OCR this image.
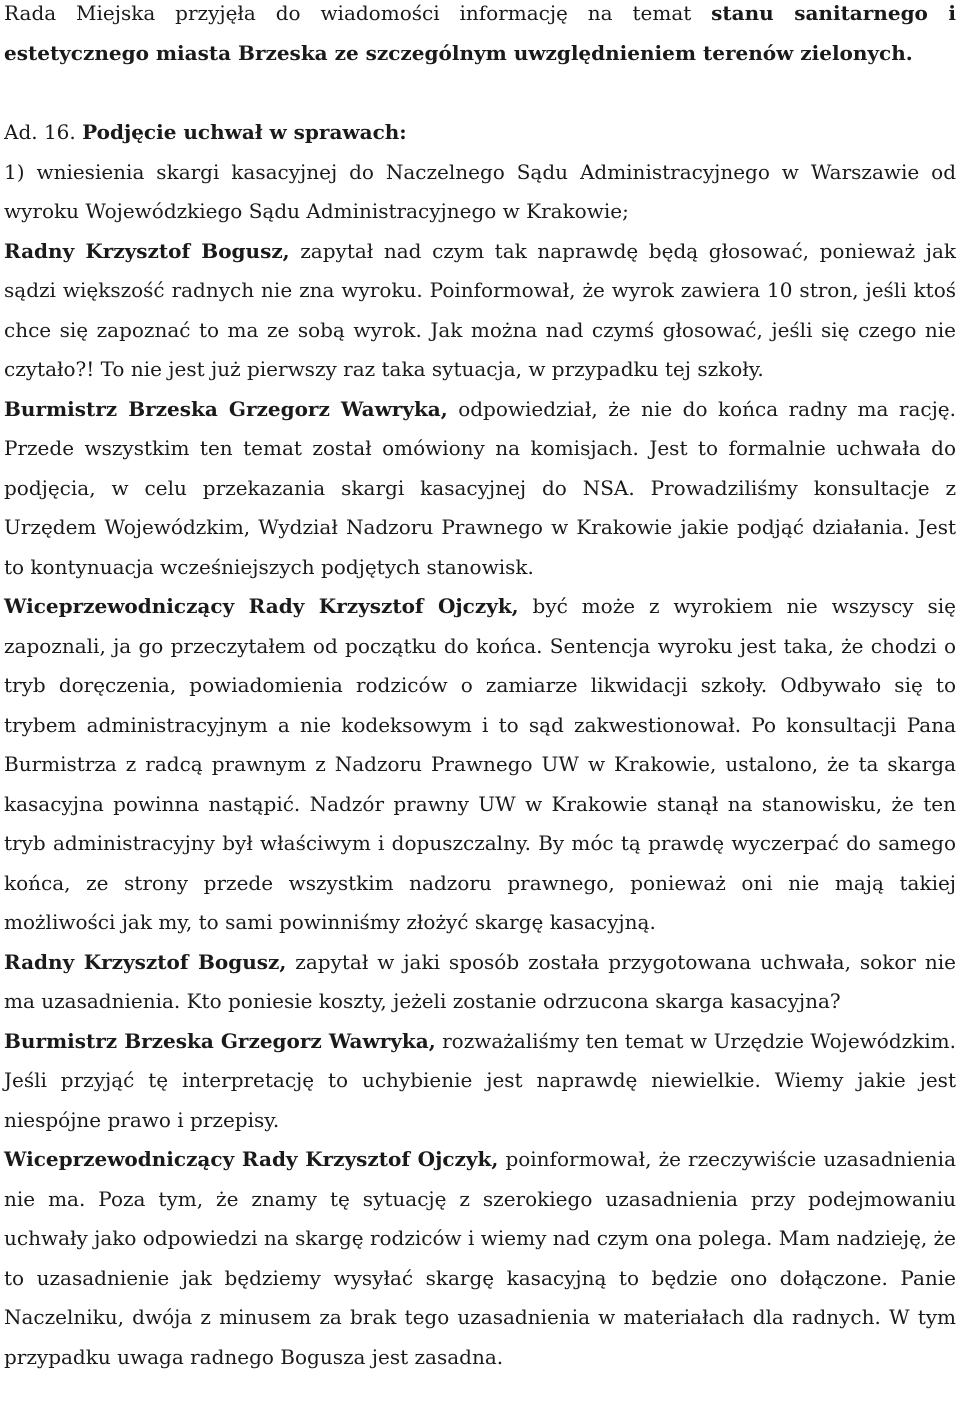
Rada Miejska przyjęła do wiadomości informację na temat stanu sanitarnego i estetycznego miasta Brzeska ze szczególnym uwzględnieniem terenów zielonych.

Ad. 16. Podjęcie uchwał w sprawach:

1) wniesienia skargi kasacyjnej do Naczelnego Sądu Administracyjnego w Warszawie od wyroku Wojewódzkiego Sądu Administracyjnego w Krakowie;

Radny Krzysztof Bogusz, zapytał nad czym tak naprawdę będą głosować, ponieważ jak sądzi większość radnych nie zna wyroku. Poinformował, że wyrok zawiera 10 stron, jeśli ktoś chce się zapoznać to ma ze sobą wyrok. Jak można nad czymś głosować, jeśli się czego nie czytało?! To nie jest już pierwszy raz taka sytuacja, w przypadku tej szkoły.

Burmistrz Brzeska Grzegorz Wawryka, odpowiedział, że nie do końca radny ma rację. Przede wszystkim ten temat został omówiony na komisjach. Jest to formalnie uchwała do podjęcia, w celu przekazania skargi kasacyjnej do NSA. Prowadziliśmy konsultacje z Urzędem Wojewódzkim, Wydział Nadzoru Prawnego w Krakowie jakie podjąć działania. Jest to kontynuacja wcześniejszych podjętych stanowisk.

Wiceprzewodniczący Rady Krzysztof Ojczyk, być może z wyrokiem nie wszyscy się zapoznali, ja go przeczytałem od początku do końca. Sentencja wyroku jest taka, że chodzi o tryb doręczenia, powiadomienia rodziców o zamiarze likwidacji szkoły. Odbywało się to trybem administracyjnym a nie kodeksowym i to sąd zakwestionował. Po konsultacji Pana Burmistrza z radcą prawnym z Nadzoru Prawnego UW w Krakowie, ustalono, że ta skarga kasacyjna powinna nastąpić. Nadzór prawny UW w Krakowie stanął na stanowisku, że ten tryb administracyjny był właściwym i dopuszczalny. By móc tą prawdę wyczerpać do samego końca, ze strony przede wszystkim nadzoru prawnego, ponieważ oni nie mają takiej możliwości jak my, to sami powinniśmy złożyć skargę kasacyjną.

Radny Krzysztof Bogusz, zapytał w jaki sposób została przygotowana uchwała, sokor nie ma uzasadnienia. Kto poniesie koszty, jeżeli zostanie odrzucona skarga kasacyjna?

Burmistrz Brzeska Grzegorz Wawryka, rozważaliśmy ten temat w Urzędzie Wojewódzkim. Jeśli przyjąć tę interpretację to uchybienie jest naprawdę niewielkie. Wiemy jakie jest niespójne prawo i przepisy.

Wiceprzewodniczący Rady Krzysztof Ojczyk, poinformował, że rzeczywiście uzasadnienia nie ma. Poza tym, że znamy tę sytuację z szerokiego uzasadnienia przy podejmowaniu uchwały jako odpowiedzi na skargę rodziców i wiemy nad czym ona polega. Mam nadzieję, że to uzasadnienie jak będziemy wysyłać skargę kasacyjną to będzie ono dołączone. Panie Naczelniku, dwója z minusem za brak tego uzasadnienia w materiałach dla radnych. W tym przypadku uwaga radnego Bogusza jest zasadna.
